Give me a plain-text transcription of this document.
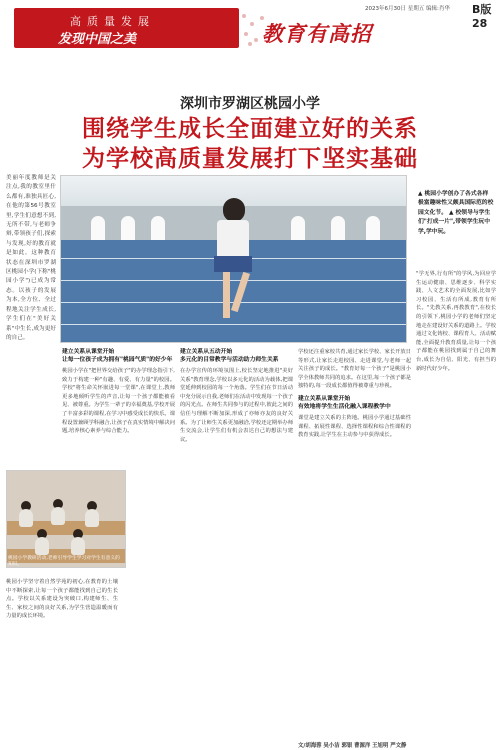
高质量发展
发现中国之美	教育有高招
2023年6月30日 星期五 编辑:肖华 B版 28
深圳市罗湖区桃园小学
围绕学生成长全面建立好的关系
为学校高质量发展打下坚实基础
美丽年度教师是关注点,我的教室里什么都有,准独具匠心,在他的第56号教室里,学生们意想不到,无所不带,与老师争辩,带领孩子们,探索与发现,好的教育就是如此。这种教育状态在深圳市罗湖区桃园小学(下称"桃园小学")已成为常态。以孩子的发展为本,全方位、全过程地关注学生成长,学生们在"美好关系"中生长,成为更好的自己。
▲ 桃园小学创办了各式各样极富趣味性又颇具国际范的校园文化节。 ▲ 校领导与学生们"打成一片",带领学生玩中学,学中玩。
桃园小学教研活动,老师引导学生学习对学生有意义的知识。
桃园小学坚守着自然学苑的初心,在教育的土壤中不断探索,让每一个孩子都能找到自己的生长点。学校以关系建设为突破口,构建师生、生生、家校之间的良好关系,为学生营造温暖而有力量的成长环境。
建立关系从课堂开始
让每一位孩子成为拥有"桃园气质"的好少年
桃园小学在"把世界交给孩子"的办学理念指引下,致力于构建一种"有趣、有爱、有力量"的校园。学校"将生命关怀嵌进每一堂课",在课堂上,教师更多地倾听学生的声音,让每一个孩子都能被看见、被尊重。为学生一辈子的幸福奠基,学校开展了丰富多彩的课程,在学习中感受成长的快乐。课程设置兼顾学科融合,让孩子在真实情境中解决问题,培养核心素养与综合能力。
建立关系从五动开始
多元化的目常教学与活动助力师生关系
在办学宣传的环境氛围上,校长坚定地推进"美好关系"教育理念,学校以多元化的活动为载体,把课堂延伸到校园的每一个角落。学生们在节日活动中充分展示自我,老师们在活动中发现每一个孩子的闪光点。在师生共同参与的过程中,彼此之间的信任与理解不断加深,形成了亦师亦友的良好关系。为了让师生关系更加融洽,学校还定期举办师生交流会,让学生们有机会表达自己的想法与建议。
学校还注重家校共育,通过家长学校、家长开放日等形式,让家长走进校园、走进课堂,与老师一起关注孩子的成长。"教育好每一个孩子"是桃园小学全体教师共同的追求。在这里,每一个孩子都是独特的,每一段成长都值得被尊重与珍视。
建立关系从课堂开始
有效地将学生生活化融入课程教学中
课堂是建立关系的主阵地。桃园小学通过基础性课程、拓展性课程、选择性课程和综合性课程的教育实践,让学生在主动参与中获得成长。
"学无界,行有所"的学风,为回应学生运动健康、思维逐步、科学实践、人文艺术的全面发展,比如学习校园、生活有所成,教育有所长。"先教关系,再教教育",在校长的引领下,桃园小学的老师们坚定地走在建设好关系的道路上。学校通过文化铸校、课程育人、活动赋能,全面提升教育质量,让每一个孩子都能在桃园找到属于自己的舞台,成长为自信、阳光、有担当的新时代好少年。
文/胡海蓉 吴小洁 郭银 曹源洋 王旭明 严文静
